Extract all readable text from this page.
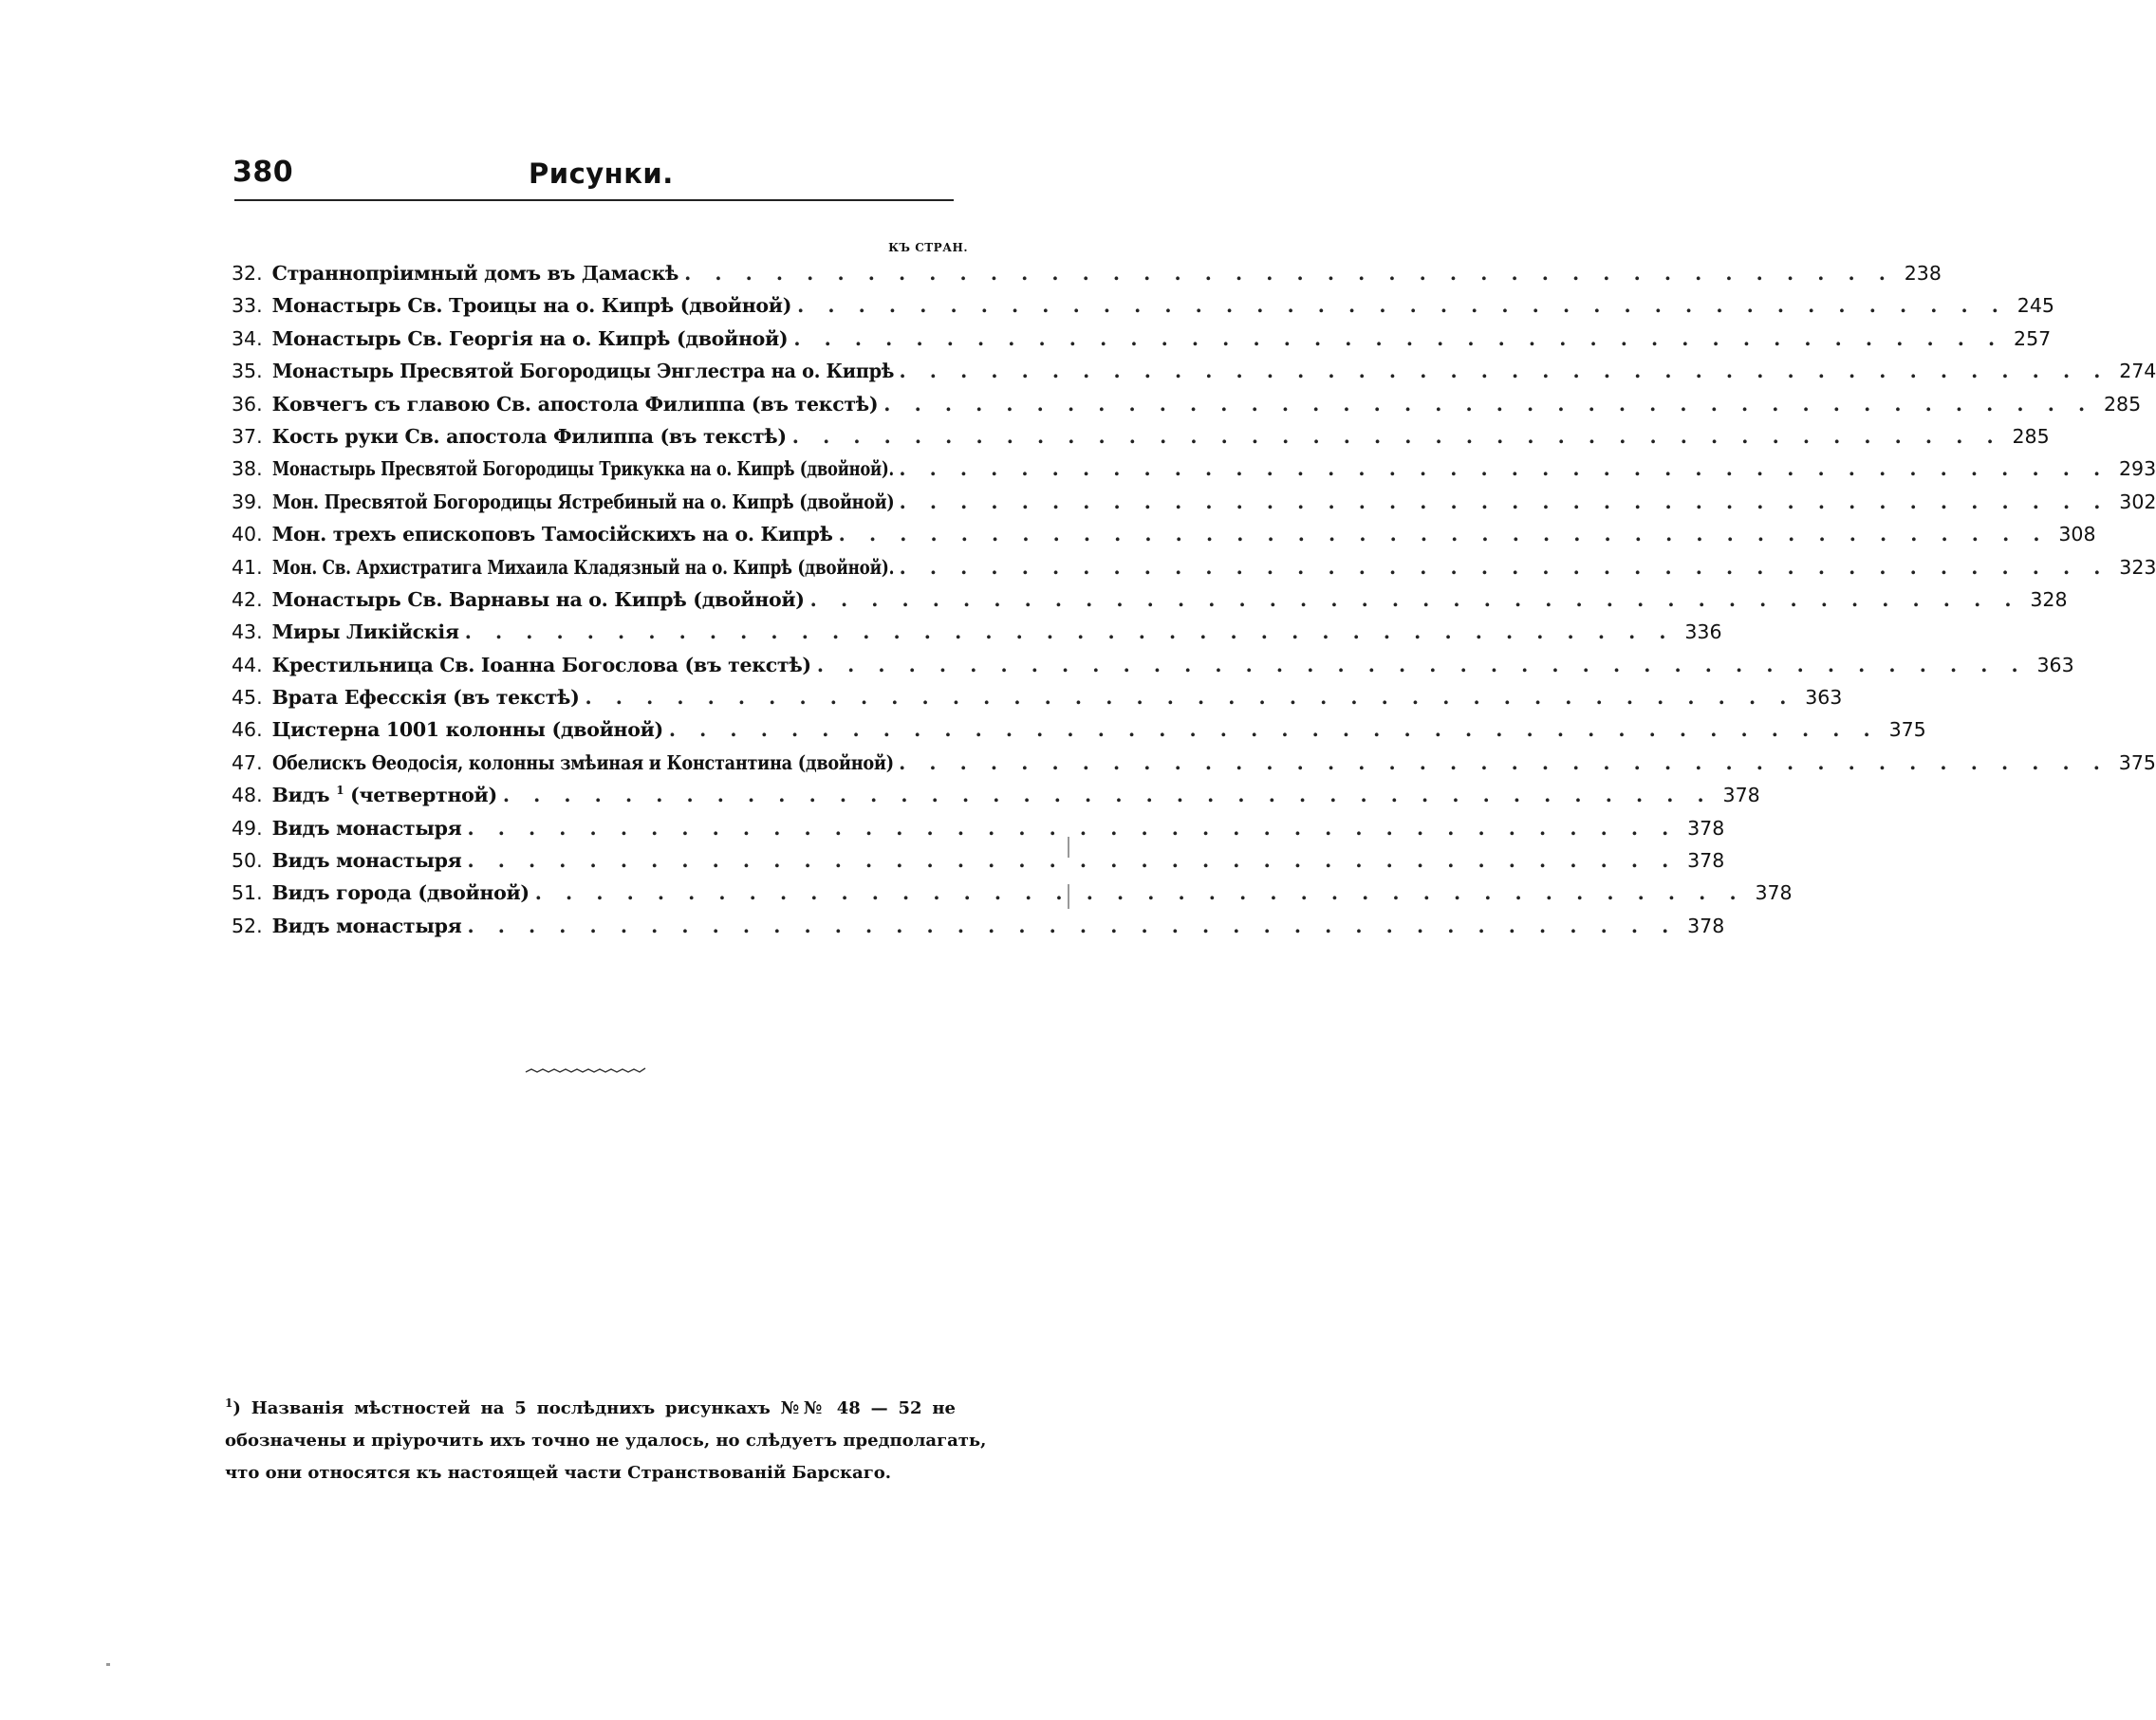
380	Рисунки.
КЪ СТРАН.
32. Страннопріимный домъ въ Дамаскѣ . . .	238
33. Монастырь Св. Троицы на о. Кипрѣ (двойной) . . .	245
34. Монастырь Св. Георгія на о. Кипрѣ (двойной) . . .	257
35. Монастырь Пресвятой Богородицы Энглестра на о. Кипрѣ . . .	274
36. Ковчегъ съ главою Св. апостола Филиппа (въ текстѣ) . . .	285
37. Кость руки Св. апостола Филиппа (въ текстѣ) . . .	285
38. Монастырь Пресвятой Богородицы Трикукка на о. Кипрѣ (двойной). . . .	293
39. Мон. Пресвятой Богородицы Ястребиный на о. Кипрѣ (двойной) . . .	302
40. Мон. трехъ епископовъ Тамосійскихъ на о. Кипрѣ . . .	308
41. Мон. Св. Архистратига Михаила Кладязный на о. Кипрѣ (двойной). . . .	323
42. Монастырь Св. Варнавы на о. Кипрѣ (двойной) . . .	328
43. Миры Ликійскія . . .	336
44. Крестильница Св. Іоанна Богослова (въ текстѣ) . . .	363
45. Врата Ефесскія (въ текстѣ) . . .	363
46. Цистерна 1001 колонны (двойной) . . .	375
47. Обелискъ Ѳеодосія, колонны змѣиная и Константина (двойной) . . .	375
48. Видъ $^1$ (четвертной) . . .	378
49. Видъ монастыря . . .	378
50. Видъ монастыря . . .	378
51. Видъ города (двойной) . . .	378
52. Видъ монастыря . . .	378
$^1$) Названія мѣстностей на 5 послѣднихъ рисункахъ №№ 48 — 52 не
обозначены и пріурочить ихъ точно не удалось, но слѣдуетъ предполагать,
что они относятся къ настоящей части Странствованій Барскаго.
